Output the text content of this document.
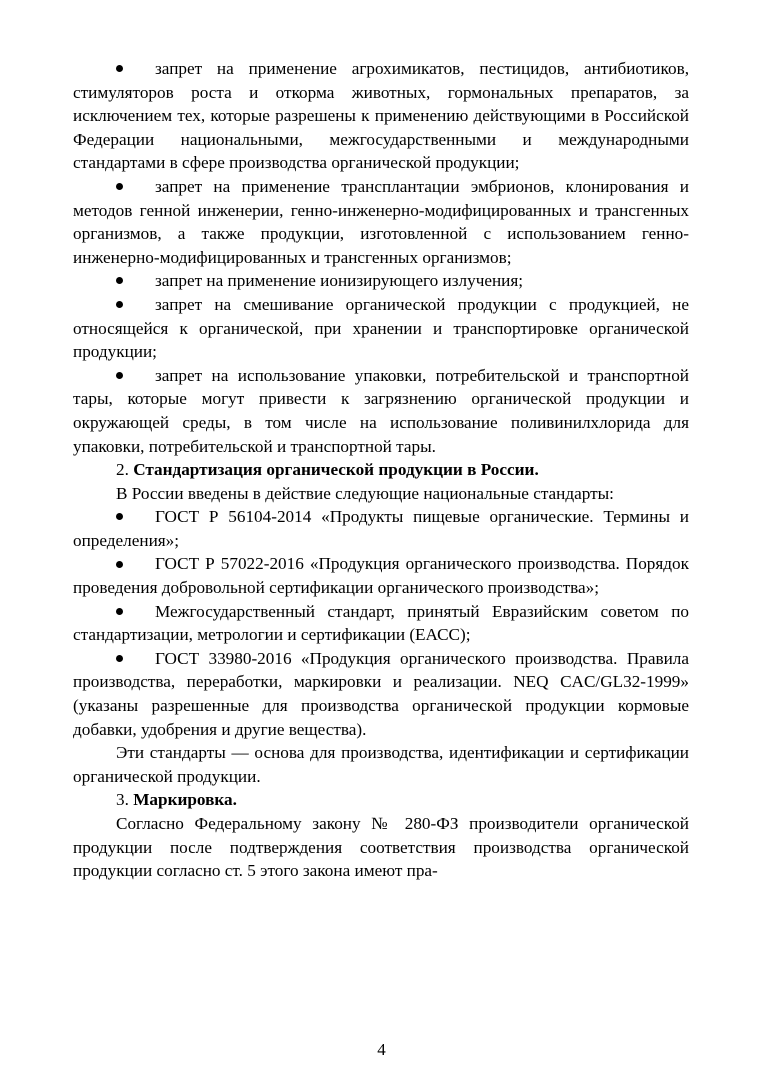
запрет на применение агрохимикатов, пестицидов, антибиотиков, стимуляторов роста и откорма животных, гормональных препаратов, за исключением тех, которые разрешены к применению действующими в Российской Федерации национальными, межгосударственными и международными стандартами в сфере производства органической продукции;

запрет на применение трансплантации эмбрионов, клонирования и методов генной инженерии, генно-инженерно-модифицированных и трансгенных организмов, а также продукции, изготовленной с использованием генно-инженерно-модифицированных и трансгенных организмов;

запрет на применение ионизирующего излучения;

запрет на смешивание органической продукции с продукцией, не относящейся к органической, при хранении и транспортировке органической продукции;

запрет на использование упаковки, потребительской и транспортной тары, которые могут привести к загрязнению органической продукции и окружающей среды, в том числе на использование поливинилхлорида для упаковки, потребительской и транспортной тары.

2. Стандартизация органической продукции в России.

В России введены в действие следующие национальные стандарты:

ГОСТ Р 56104-2014 «Продукты пищевые органические. Термины и определения»;

ГОСТ Р 57022-2016 «Продукция органического производства. Порядок проведения добровольной сертификации органического производства»;

Межгосударственный стандарт, принятый Евразийским советом по стандартизации, метрологии и сертификации (ЕАСС);

ГОСТ 33980-2016 «Продукция органического производства. Правила производства, переработки, маркировки и реализации. NEQ CAC/GL32-1999» (указаны разрешенные для производства органической продукции кормовые добавки, удобрения и другие вещества).

Эти стандарты — основа для производства, идентификации и сертификации органической продукции.

3. Маркировка.

Согласно Федеральному закону № 280-ФЗ производители органической продукции после подтверждения соответствия производства органической продукции согласно ст. 5 этого закона имеют пра-

4
